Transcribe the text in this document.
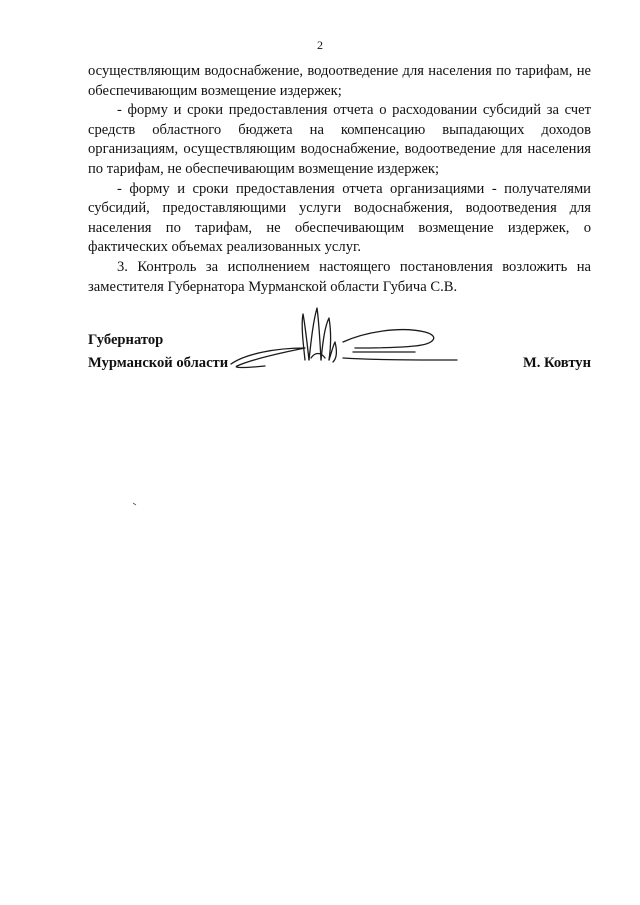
2

осуществляющим водоснабжение, водоотведение для населения по тарифам, не обеспечивающим возмещение издержек;

- форму и сроки предоставления отчета о расходовании субсидий за счет средств областного бюджета на компенсацию выпадающих доходов организациям, осуществляющим водоснабжение, водоотведение для населения по тарифам, не обеспечивающим возмещение издержек;

- форму и сроки предоставления отчета организациями - получателями субсидий, предоставляющими услуги водоснабжения, водоотведения для населения по тарифам, не обеспечивающим возмещение издержек, о фактических объемах реализованных услуг.

3. Контроль за исполнением настоящего постановления возложить на заместителя Губернатора Мурманской области Губича С.В.

Губернатор
Мурманской области	М. Ковтун
